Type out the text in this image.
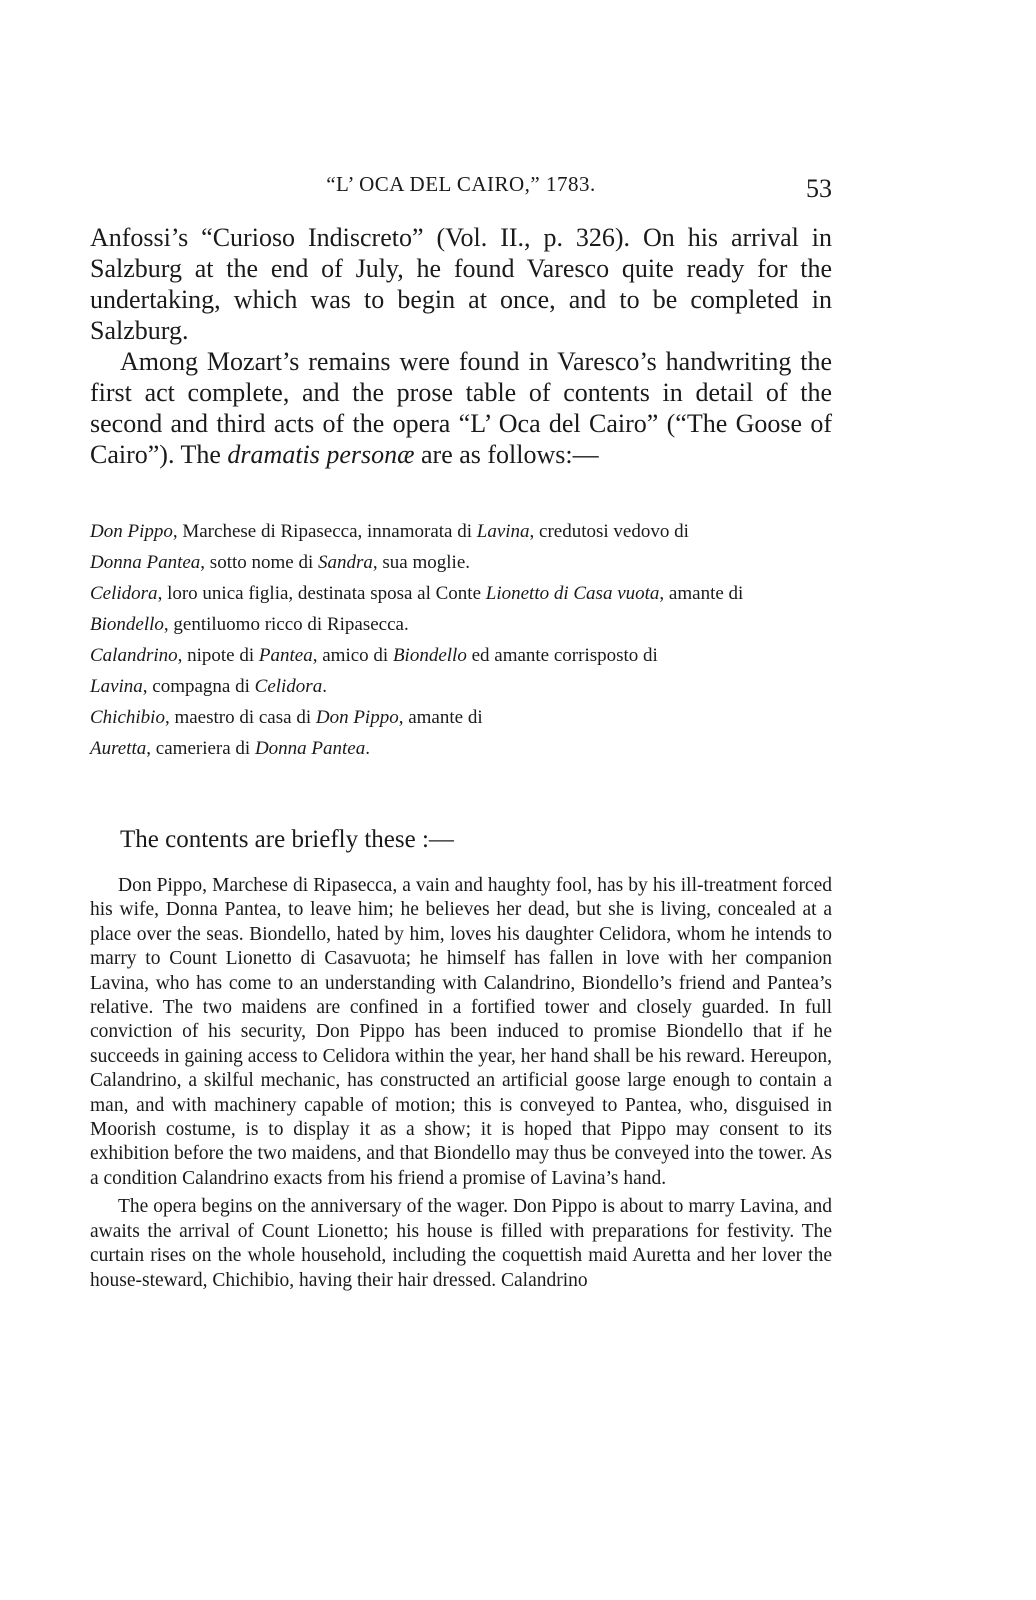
“L’ OCA DEL CAIRO,” 1783.	53

Anfossi’s “Curioso Indiscreto” (Vol. II., p. 326). On his arrival in Salzburg at the end of July, he found Varesco quite ready for the undertaking, which was to begin at once, and to be completed in Salzburg.

Among Mozart’s remains were found in Varesco’s handwriting the first act complete, and the prose table of contents in detail of the second and third acts of the opera “L’ Oca del Cairo” (“The Goose of Cairo”). The dramatis personæ are as follows:—

Don Pippo, Marchese di Ripasecca, innamorata di Lavina, credutosi vedovo di
Donna Pantea, sotto nome di Sandra, sua moglie.
Celidora, loro unica figlia, destinata sposa al Conte Lionetto di Casa vuota, amante di
Biondello, gentiluomo ricco di Ripasecca.
Calandrino, nipote di Pantea, amico di Biondello ed amante corrisposto di
Lavina, compagna di Celidora.
Chichibio, maestro di casa di Don Pippo, amante di
Auretta, cameriera di Donna Pantea.
The contents are briefly these :—

Don Pippo, Marchese di Ripasecca, a vain and haughty fool, has by his ill-treatment forced his wife, Donna Pantea, to leave him; he believes her dead, but she is living, concealed at a place over the seas. Biondello, hated by him, loves his daughter Celidora, whom he intends to marry to Count Lionetto di Casavuota; he himself has fallen in love with her companion Lavina, who has come to an understanding with Calandrino, Biondello’s friend and Pantea’s relative. The two maidens are confined in a fortified tower and closely guarded. In full conviction of his security, Don Pippo has been induced to promise Biondello that if he succeeds in gaining access to Celidora within the year, her hand shall be his reward. Hereupon, Calandrino, a skilful mechanic, has constructed an artificial goose large enough to contain a man, and with machinery capable of motion; this is conveyed to Pantea, who, disguised in Moorish costume, is to display it as a show; it is hoped that Pippo may consent to its exhibition before the two maidens, and that Biondello may thus be conveyed into the tower. As a condition Calandrino exacts from his friend a promise of Lavina’s hand.

The opera begins on the anniversary of the wager. Don Pippo is about to marry Lavina, and awaits the arrival of Count Lionetto; his house is filled with preparations for festivity. The curtain rises on the whole household, including the coquettish maid Auretta and her lover the house-steward, Chichibio, having their hair dressed. Calandrino
